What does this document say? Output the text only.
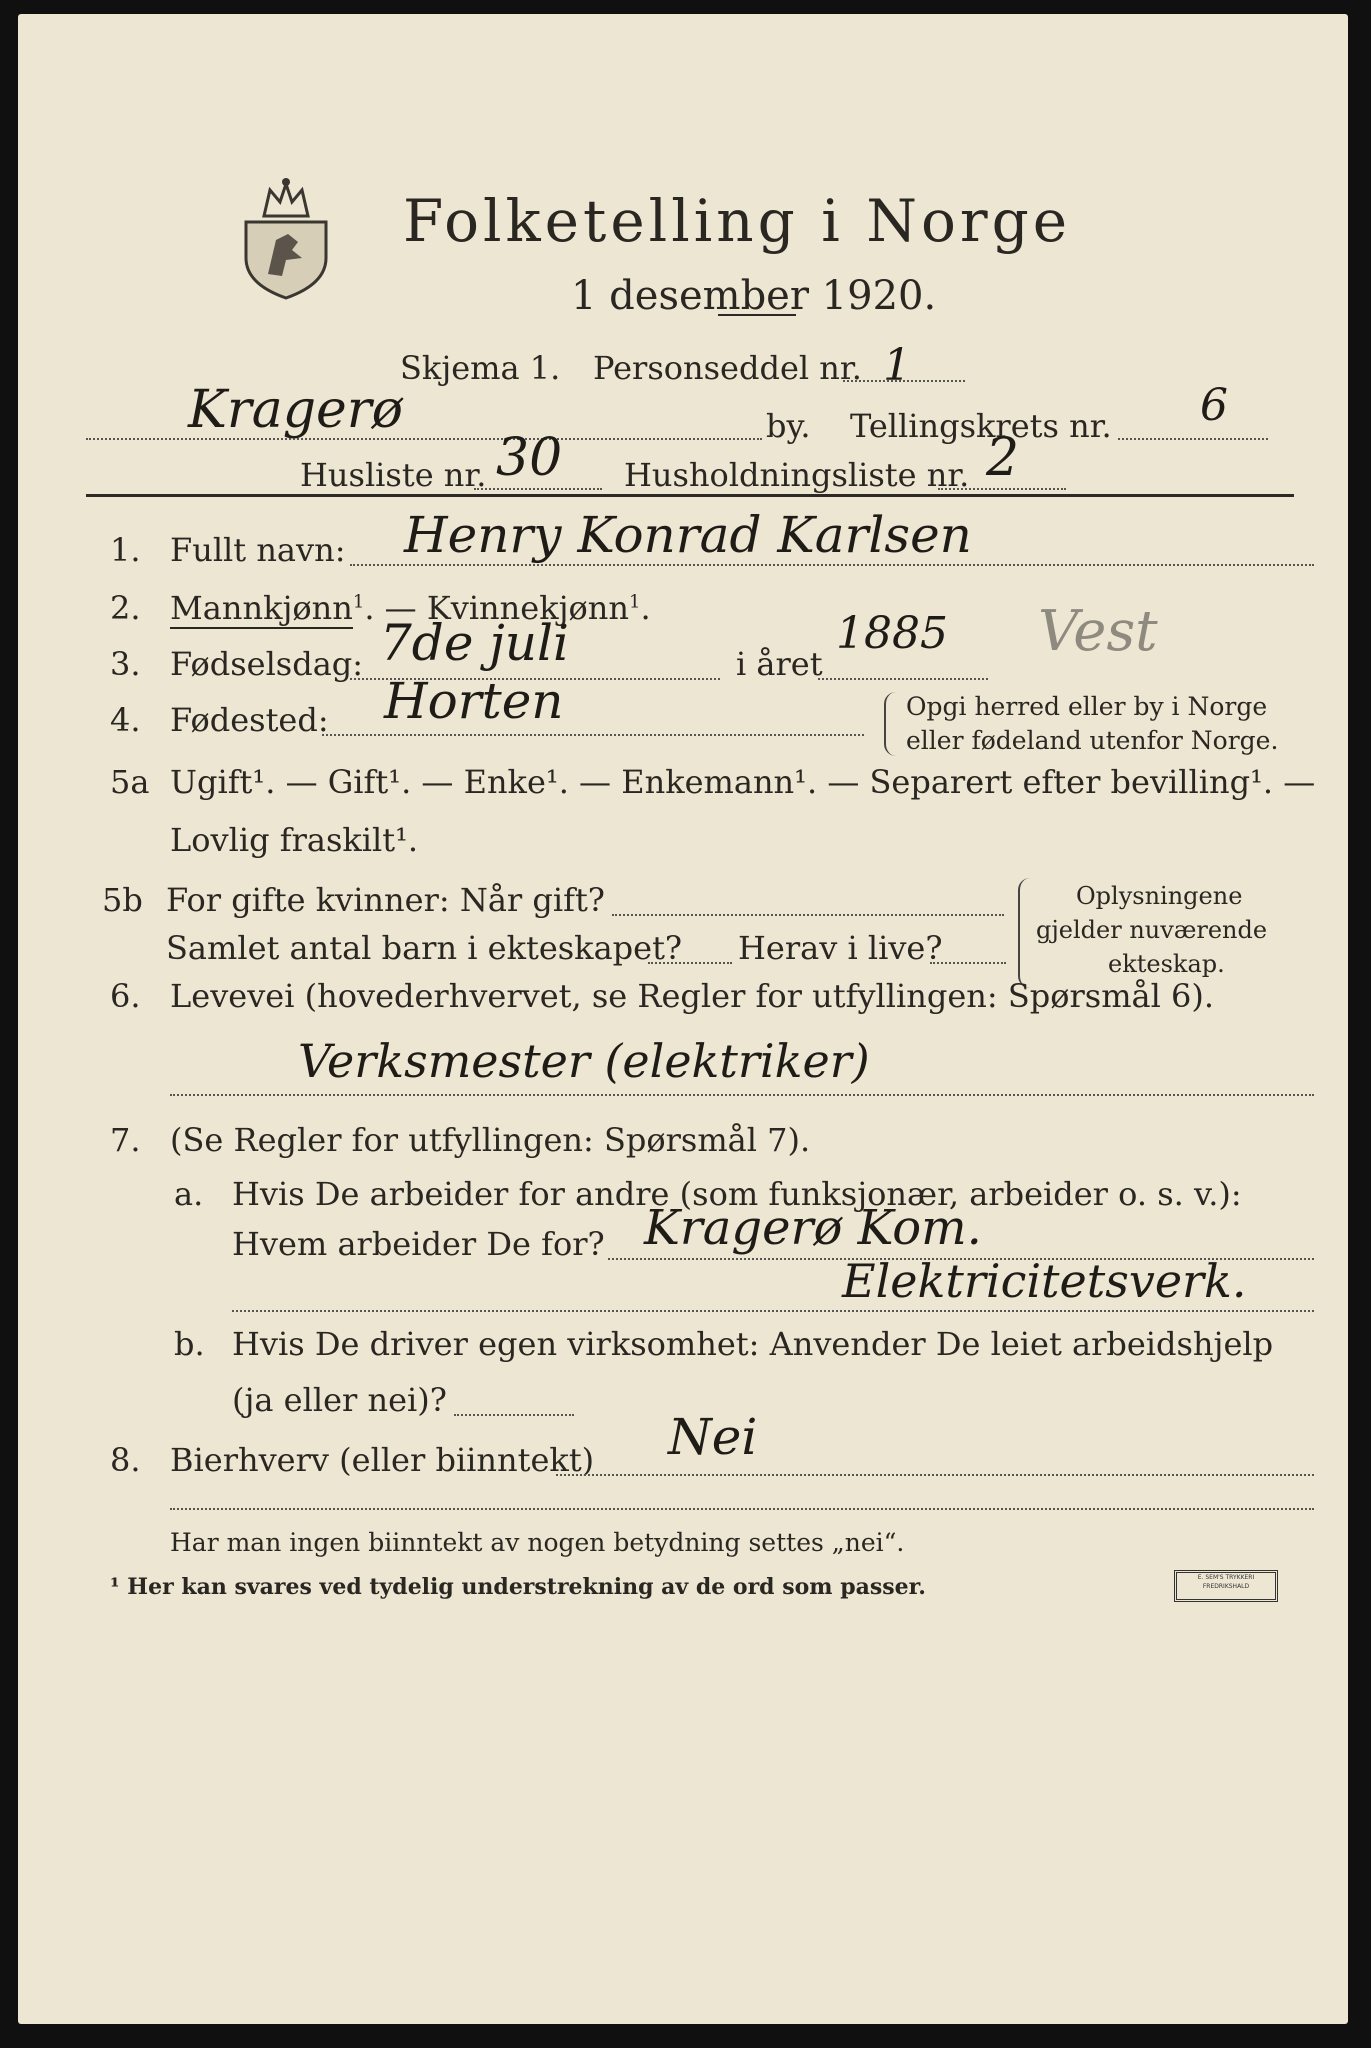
Folketelling i Norge
1 desember 1920.
Skjema 1. Personseddel nr. 1
Kragerø	by. Tellingskrets nr. 6
Husliste nr. 30 Husholdningsliste nr. 2
1. Fullt navn: Henry Konrad Karlsen
2. Mannkjønn$^1$. — Kvinnekjønn$^1$.
3. Fødselsdag: 7de juli	i året
1885 Vest
4. Fødested: Horten	Opgi herred eller by i Norge
eller fødeland utenfor Norge.
5a Ugift¹. — Gift¹. — Enke¹. — Enkemann¹. — Separert efter bevilling¹. —
Lovlig fraskilt¹.
5b For gifte kvinner: Når gift?
Samlet antal barn i ekteskapet? Herav i live?
Oplysningene
gjelder nuværende
ekteskap.
6. Levevei (hovederhvervet, se Regler for utfyllingen: Spørsmål 6).
Verksmester (elektriker)
7. (Se Regler for utfyllingen: Spørsmål 7).
a. Hvis De arbeider for andre (som funksjonær, arbeider o. s. v.):
Hvem arbeider De for? Kragerø Kom.
Elektricitetsverk.
b. Hvis De driver egen virksomhet: Anvender De leiet arbeidshjelp
(ja eller nei)?
8. Bierhverv (eller biinntekt) Nei
Har man ingen biinntekt av nogen betydning settes „nei“.
¹ Her kan svares ved tydelig understrekning av de ord som passer.	E. SEM'S TRYKKERI FREDRIKSHALD
